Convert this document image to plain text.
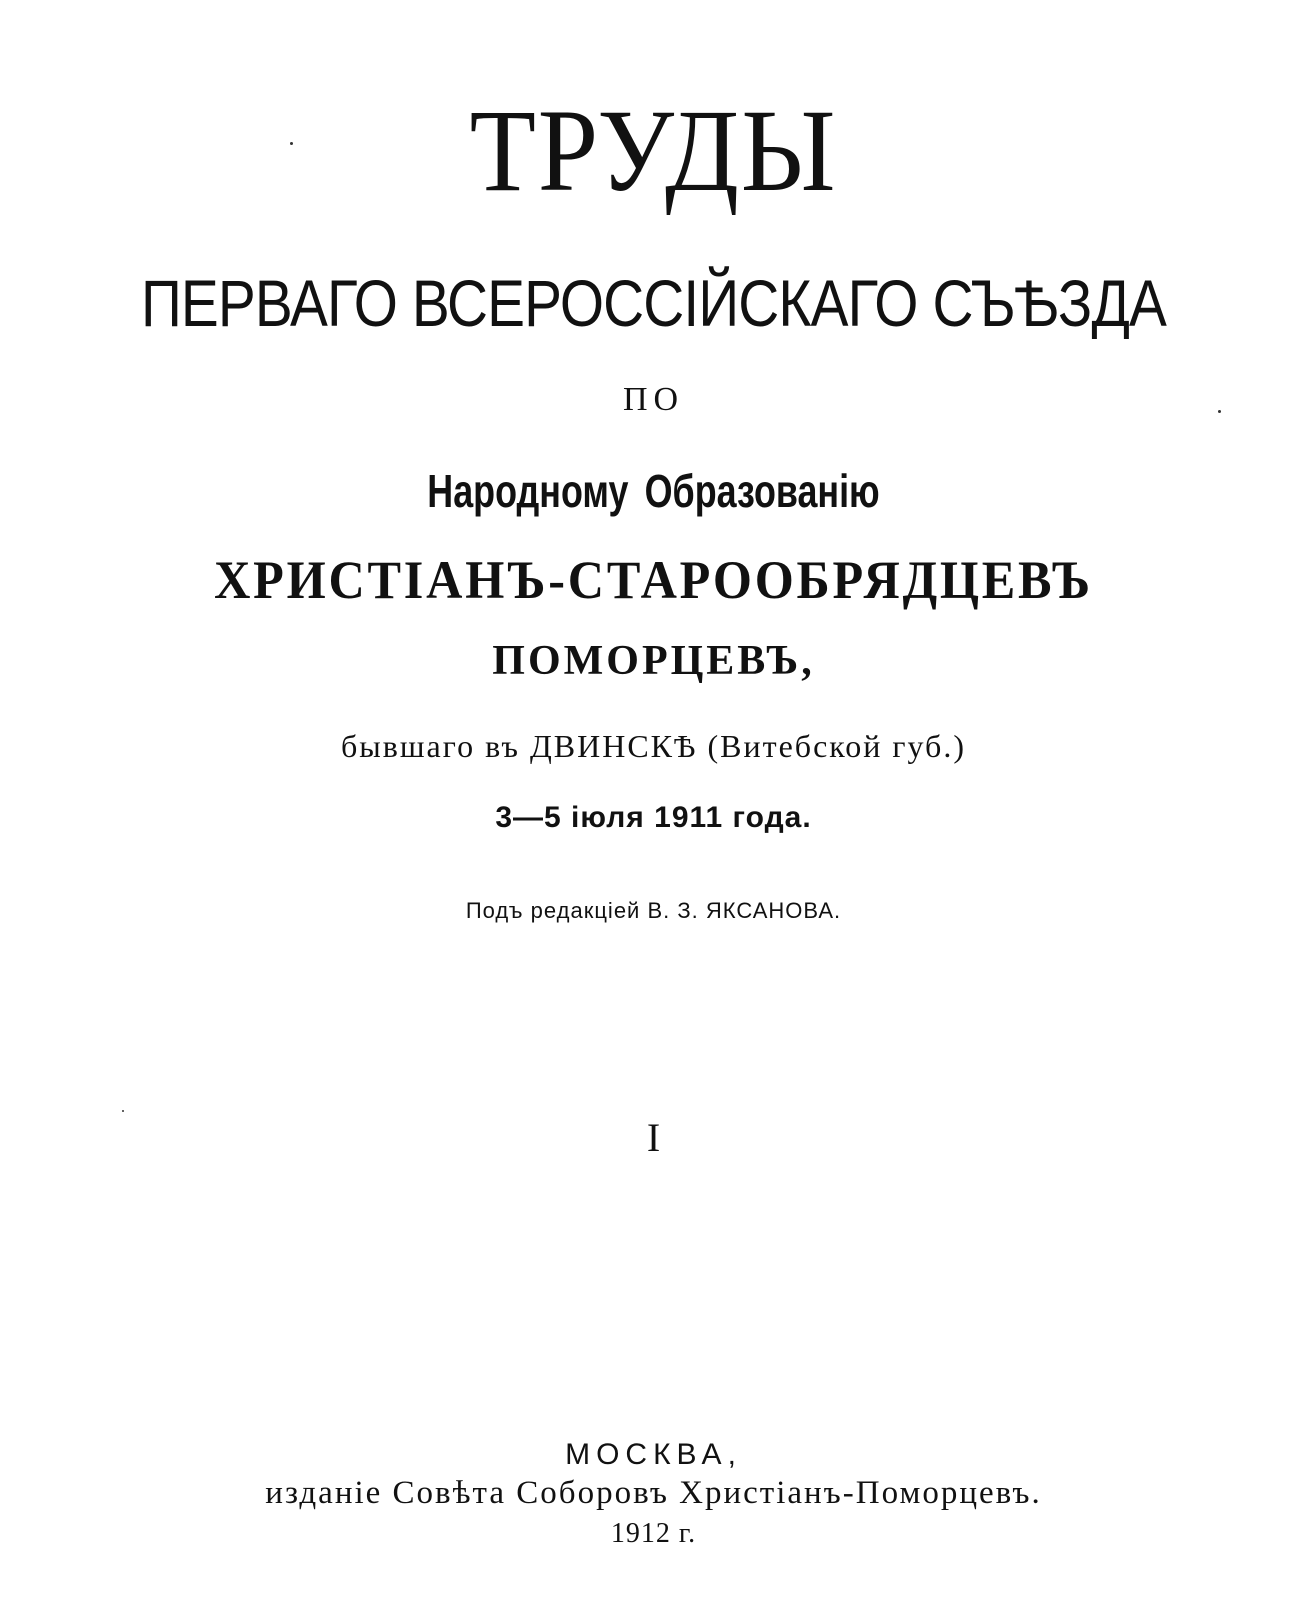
ТРУДЫ
ПЕРВАГО ВСЕРОССІЙСКАГО СЪѢЗДА
ПО
Народному Образованію
ХРИСТІАНЪ-СТАРООБРЯДЦЕВЪ
ПОМОРЦЕВЪ,
бывшаго въ ДВИНСКѢ (Витебской губ.)
3—5 іюля 1911 года.
Подъ редакціей В. З. ЯКСАНОВА.
I
МОСКВА,
изданіе Совѣта Соборовъ Христіанъ-Поморцевъ.
1912 г.
